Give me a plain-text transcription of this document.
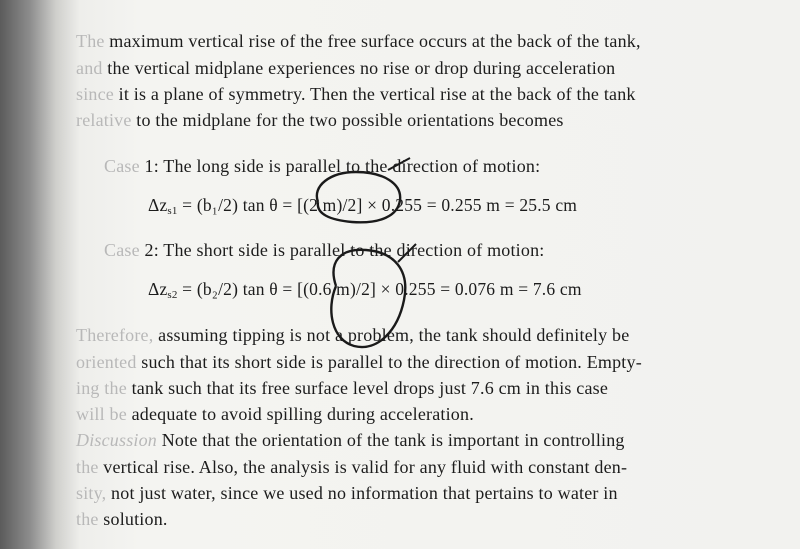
The maximum vertical rise of the free surface occurs at the back of the tank,
and the vertical midplane experiences no rise or drop during acceleration
since it is a plane of symmetry. Then the vertical rise at the back of the tank
relative to the midplane for the two possible orientations becomes
Case 1: The long side is parallel to the direction of motion:
$\Delta z_{s1} = (b_1/2)$ tan θ = [(2 m)/2] × 0.255 = 0.255 m = 25.5 cm
Case 2: The short side is parallel to the direction of motion:
$\Delta z_{s2} = (b_2/2)$ tan θ = [(0.6 m)/2] × 0.255 = 0.076 m = 7.6 cm
Therefore, assuming tipping is not a problem, the tank should definitely be
oriented such that its short side is parallel to the direction of motion. Empty-
ing the tank such that its free surface level drops just 7.6 cm in this case
will be adequate to avoid spilling during acceleration.
Discussion Note that the orientation of the tank is important in controlling
the vertical rise. Also, the analysis is valid for any fluid with constant den-
sity, not just water, since we used no information that pertains to water in
the solution.
